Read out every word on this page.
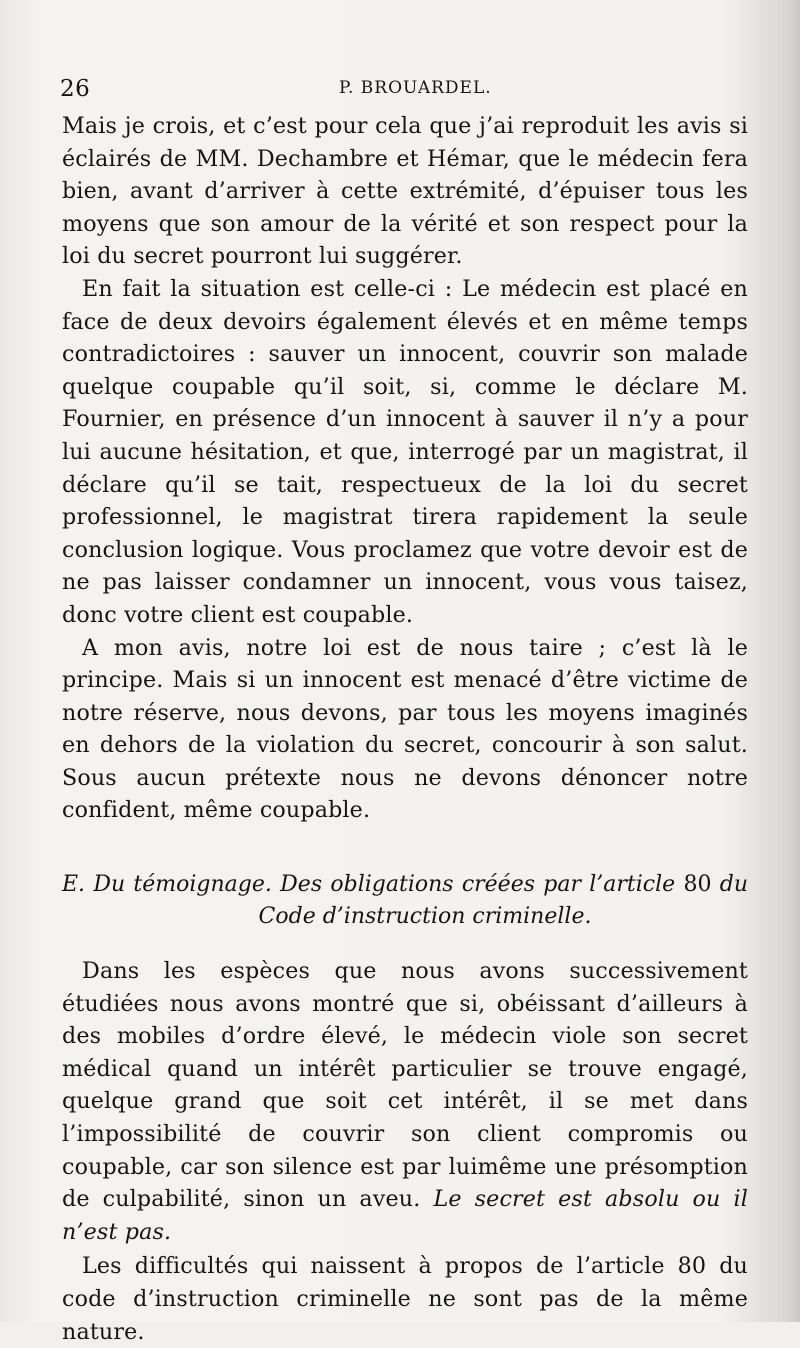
26	P. BROUARDEL.

Mais je crois, et c’est pour cela que j’ai reproduit les avis si éclairés de MM. Dechambre et Hémar, que le médecin fera bien, avant d’arriver à cette extrémité, d’épuiser tous les moyens que son amour de la vérité et son respect pour la loi du secret pourront lui suggérer.

En fait la situation est celle-ci : Le médecin est placé en face de deux devoirs également élevés et en même temps contradictoires : sauver un innocent, couvrir son malade quelque coupable qu’il soit, si, comme le déclare M. Fournier, en présence d’un innocent à sauver il n’y a pour lui aucune hésitation, et que, interrogé par un magistrat, il déclare qu’il se tait, respectueux de la loi du secret professionnel, le magistrat tirera rapidement la seule conclusion logique. Vous proclamez que votre devoir est de ne pas laisser condamner un innocent, vous vous taisez, donc votre client est coupable.

A mon avis, notre loi est de nous taire ; c’est là le principe. Mais si un innocent est menacé d’être victime de notre réserve, nous devons, par tous les moyens imaginés en dehors de la violation du secret, concourir à son salut. Sous aucun prétexte nous ne devons dénoncer notre confident, même coupable.

E. Du témoignage. Des obligations créées par l’article 80 du
Code d’instruction criminelle.

Dans les espèces que nous avons successivement étudiées nous avons montré que si, obéissant d’ailleurs à des mobiles d’ordre élevé, le médecin viole son secret médical quand un intérêt particulier se trouve engagé, quelque grand que soit cet intérêt, il se met dans l’impossibilité de couvrir son client compromis ou coupable, car son silence est par luimême une présomption de culpabilité, sinon un aveu. Le secret est absolu ou il n’est pas.

Les difficultés qui naissent à propos de l’article 80 du code d’instruction criminelle ne sont pas de la même nature.
